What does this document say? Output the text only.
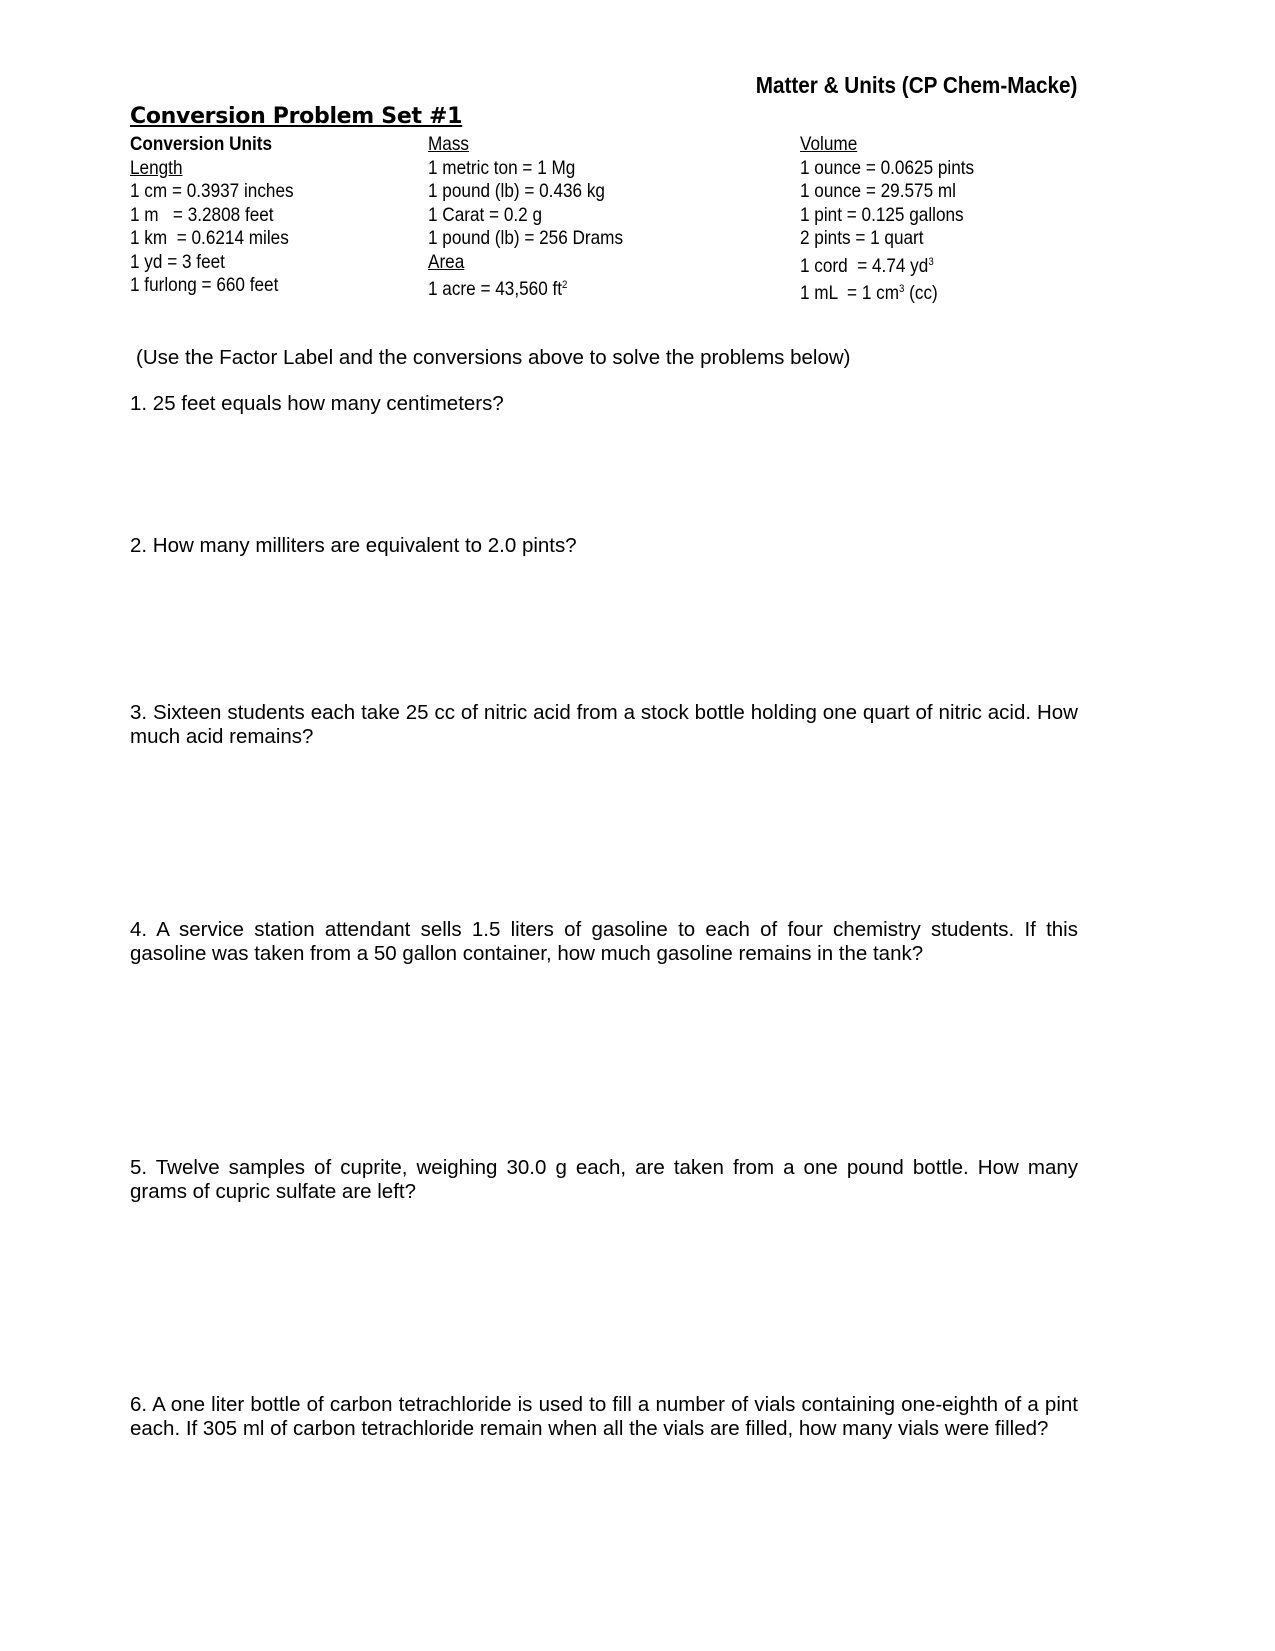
Matter & Units (CP Chem-Macke)
Conversion Problem Set #1
Conversion Units
Length
1 cm = 0.3937 inches
1 m   = 3.2808 feet
1 km  = 0.6214 miles
1 yd = 3 feet
1 furlong = 660 feet
Mass
1 metric ton = 1 Mg
1 pound (lb) = 0.436 kg
1 Carat = 0.2 g
1 pound (lb) = 256 Drams
Area
1 acre = 43,560 $ft^2$
Volume
1 ounce = 0.0625 pints
1 ounce = 29.575 ml
1 pint = 0.125 gallons
2 pints = 1 quart
1 cord  = 4.74 $yd^3$
1 mL  = 1 $cm^3$ (cc)
(Use the Factor Label and the conversions above to solve the problems below)
1. 25 feet equals how many centimeters?
2. How many milliters are equivalent to 2.0 pints?
3. Sixteen students each take 25 cc of nitric acid from a stock bottle holding one quart of nitric acid. How much acid remains?
4. A service station attendant sells 1.5 liters of gasoline to each of four chemistry students. If this gasoline was taken from a 50 gallon container, how much gasoline remains in the tank?
5. Twelve samples of cuprite, weighing 30.0 g each, are taken from a one pound bottle. How many grams of cupric sulfate are left?
6. A one liter bottle of carbon tetrachloride is used to fill a number of vials containing one-eighth of a pint each. If 305 ml of carbon tetrachloride remain when all the vials are filled, how many vials were filled?
